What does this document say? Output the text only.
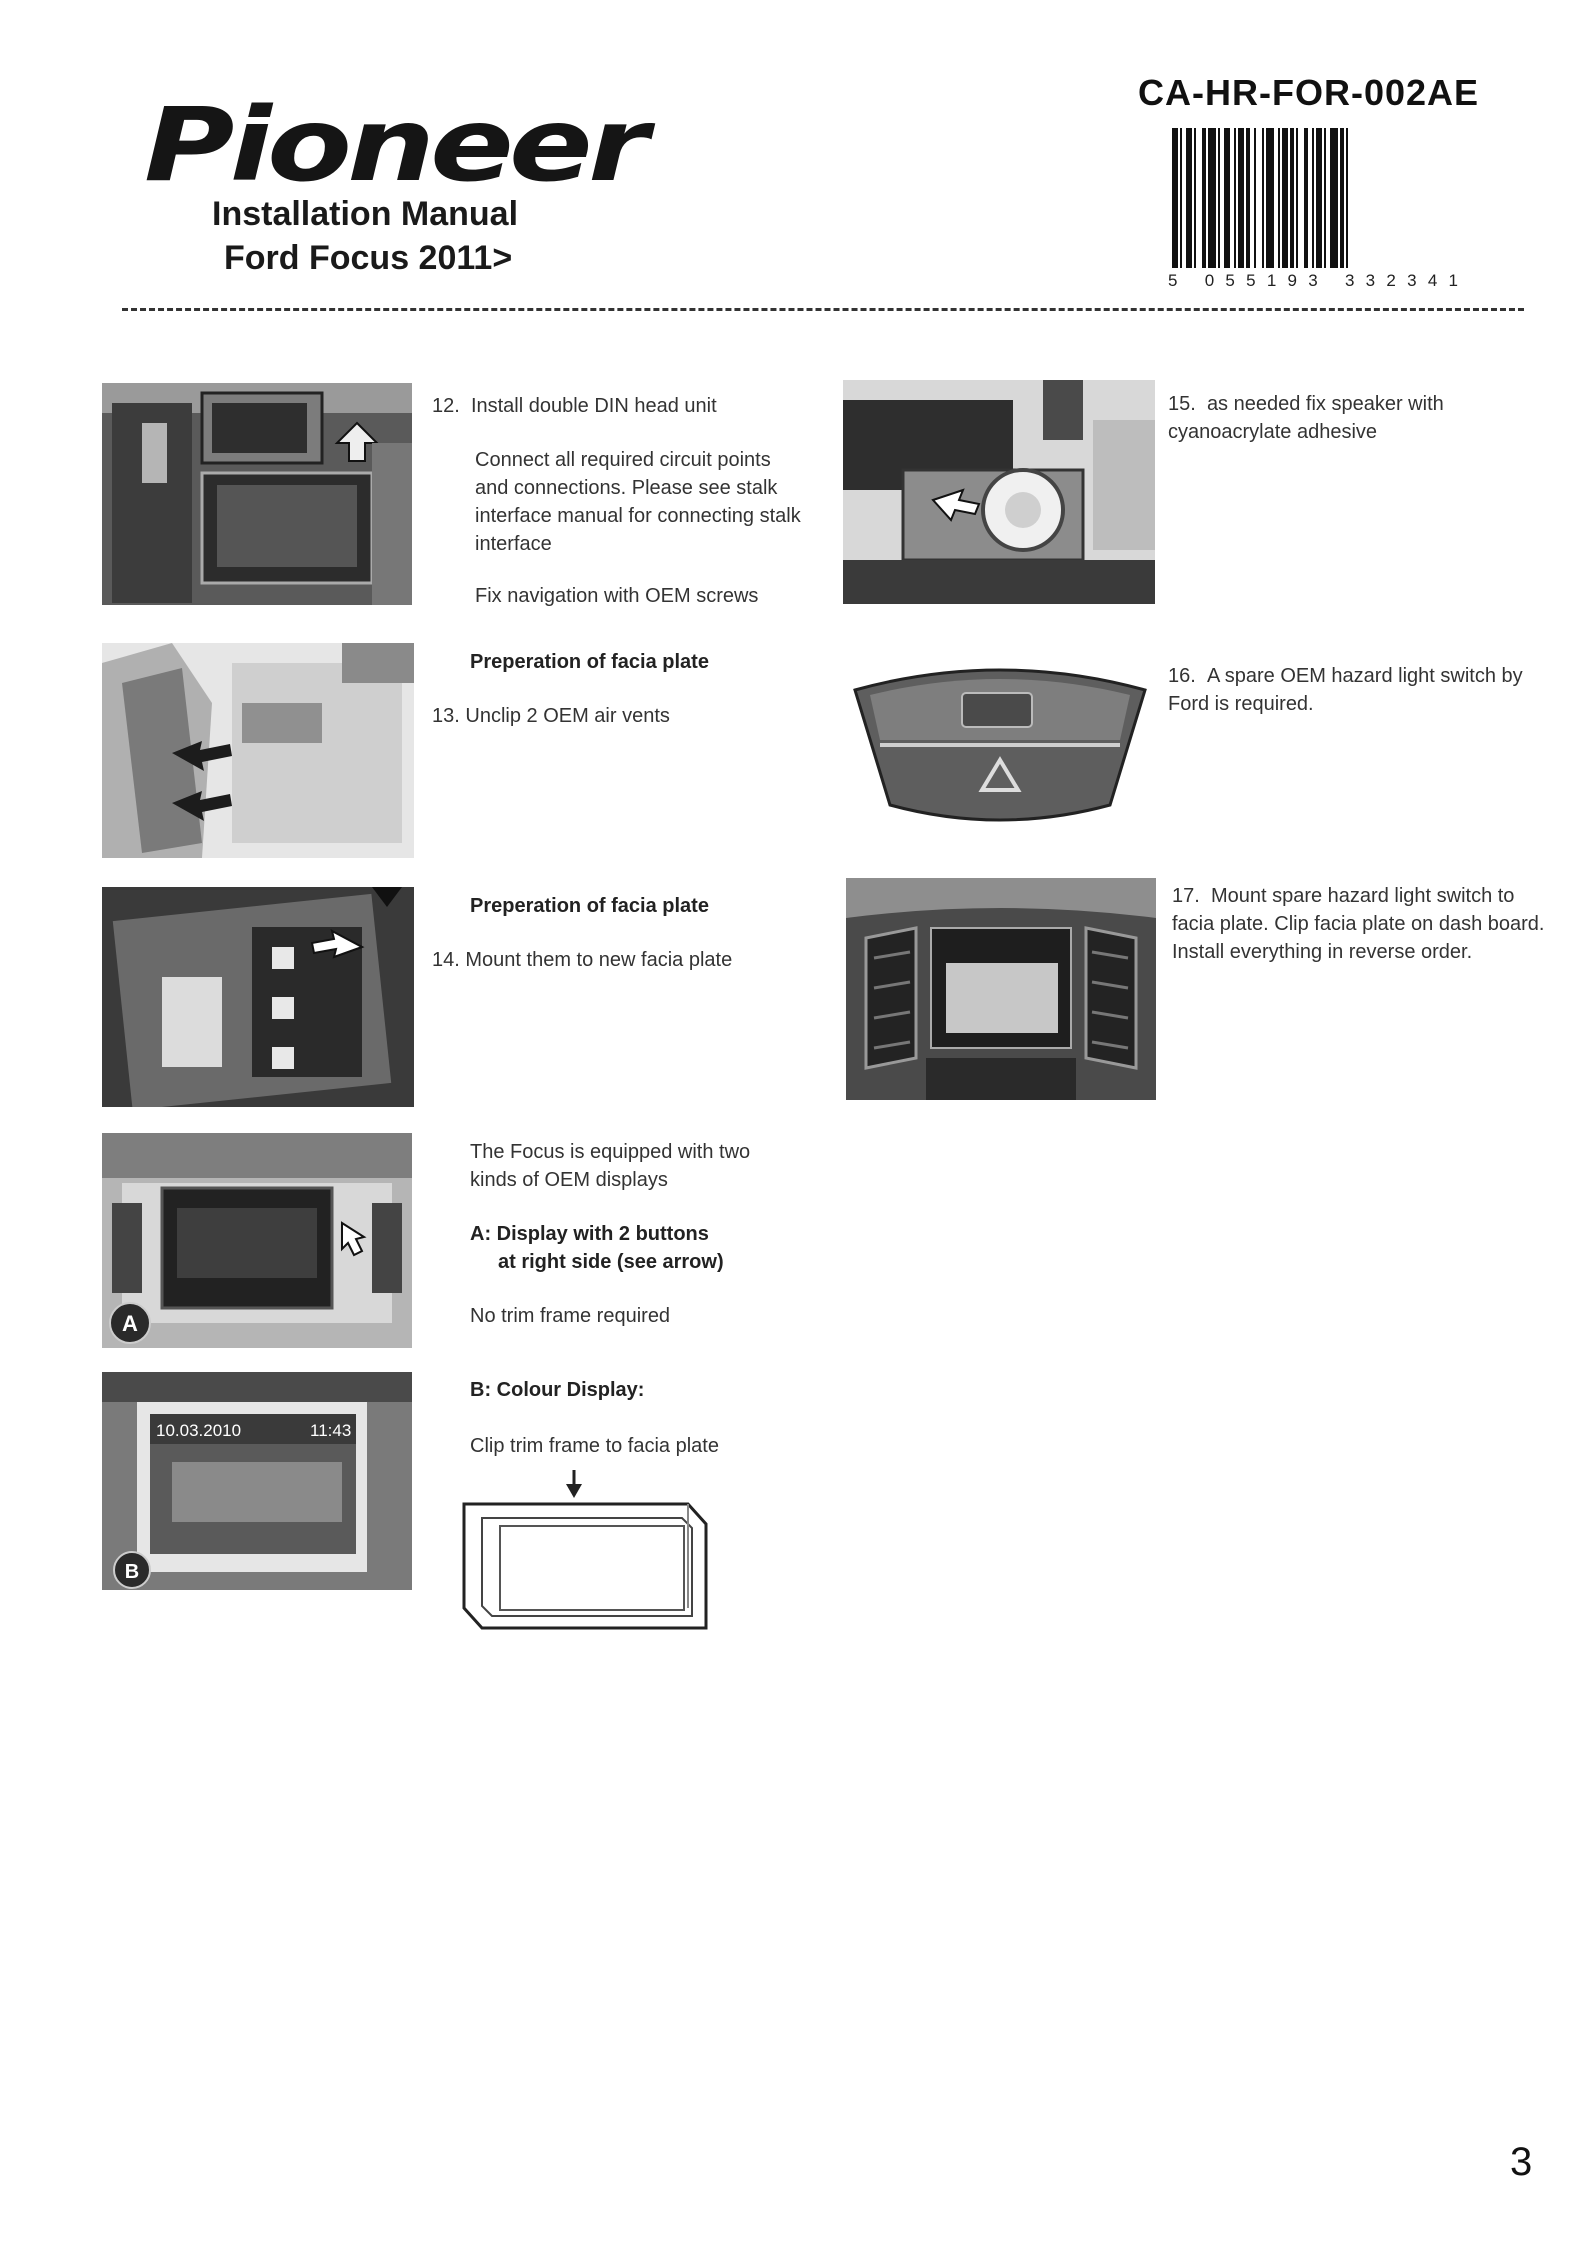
Pioneer
Installation Manual
Ford Focus 2011>
CA-HR-FOR-002AE
5 055193 332341

12. Install double DIN head unit

Connect all required circuit points and connections. Please see stalk interface manual for connecting stalk interface

Fix navigation with OEM screws

15. as needed fix speaker with cyanoacrylate adhesive

Preperation of facia plate

13. Unclip 2 OEM air vents

16. A spare OEM hazard light switch by Ford is required.

Preperation of facia plate

14. Mount them to new facia plate

17. Mount spare hazard light switch to facia plate. Clip facia plate on dash board. Install everything in reverse order.

A

The Focus is equipped with two kinds of OEM displays

A: Display with 2 buttons
at right side (see arrow)

No trim frame required

10.03.2010	11:43
B

B: Colour Display:

Clip trim frame to facia plate

3
